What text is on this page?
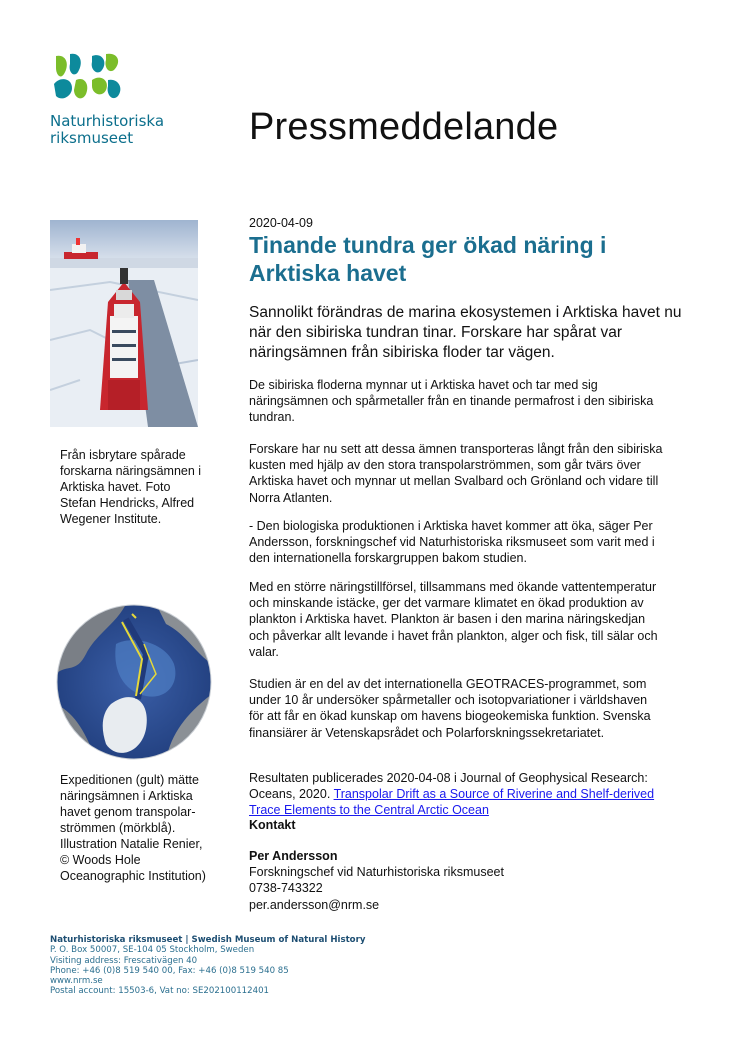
Naturhistoriska
riksmuseet	Pressmeddelande
Från isbrytare spårade forskarna näringsämnen i Arktiska havet. Foto Stefan Hendricks, Alfred Wegener Institute.
Expeditionen (gult) mätte näringsämnen i Arktiska havet genom transpolar-strömmen (mörkblå). Illustration Natalie Renier, © Woods Hole Oceanographic Institution)
2020-04-09
Tinande tundra ger ökad näring i Arktiska havet

Sannolikt förändras de marina ekosystemen i Arktiska havet nu när den sibiriska tundran tinar. Forskare har spårat var näringsämnen från sibiriska floder tar vägen.

De sibiriska floderna mynnar ut i Arktiska havet och tar med sig näringsämnen och spårmetaller från en tinande permafrost i den sibiriska tundran.

Forskare har nu sett att dessa ämnen transporteras långt från den sibiriska kusten med hjälp av den stora transpolarströmmen, som går tvärs över Arktiska havet och mynnar ut mellan Svalbard och Grönland och vidare till Norra Atlanten.

- Den biologiska produktionen i Arktiska havet kommer att öka, säger Per Andersson, forskningschef vid Naturhistoriska riksmuseet som varit med i den internationella forskargruppen bakom studien.

Med en större näringstillförsel, tillsammans med ökande vattentemperatur och minskande istäcke, ger det varmare klimatet en ökad produktion av plankton i Arktiska havet. Plankton är basen i den marina näringskedjan och påverkar allt levande i havet från plankton, alger och fisk, till sälar och valar.

Studien är en del av det internationella GEOTRACES-programmet, som under 10 år undersöker spårmetaller och isotopvariationer i världshaven för att får en ökad kunskap om havens biogeokemiska funktion. Svenska finansiärer är Vetenskapsrådet och Polarforskningssekretariatet.

Resultaten publicerades 2020-04-08 i Journal of Geophysical Research: Oceans, 2020. Transpolar Drift as a Source of Riverine and Shelf-derived Trace Elements to the Central Arctic Ocean

Kontakt
Per Andersson
Forskningschef vid Naturhistoriska riksmuseet
0738-743322
per.andersson@nrm.se
Naturhistoriska riksmuseet | Swedish Museum of Natural History
P. O. Box 50007, SE-104 05 Stockholm, Sweden
Visiting address: Frescativägen 40
Phone: +46 (0)8 519 540 00, Fax: +46 (0)8 519 540 85
www.nrm.se
Postal account: 15503-6, Vat no: SE202100112401
